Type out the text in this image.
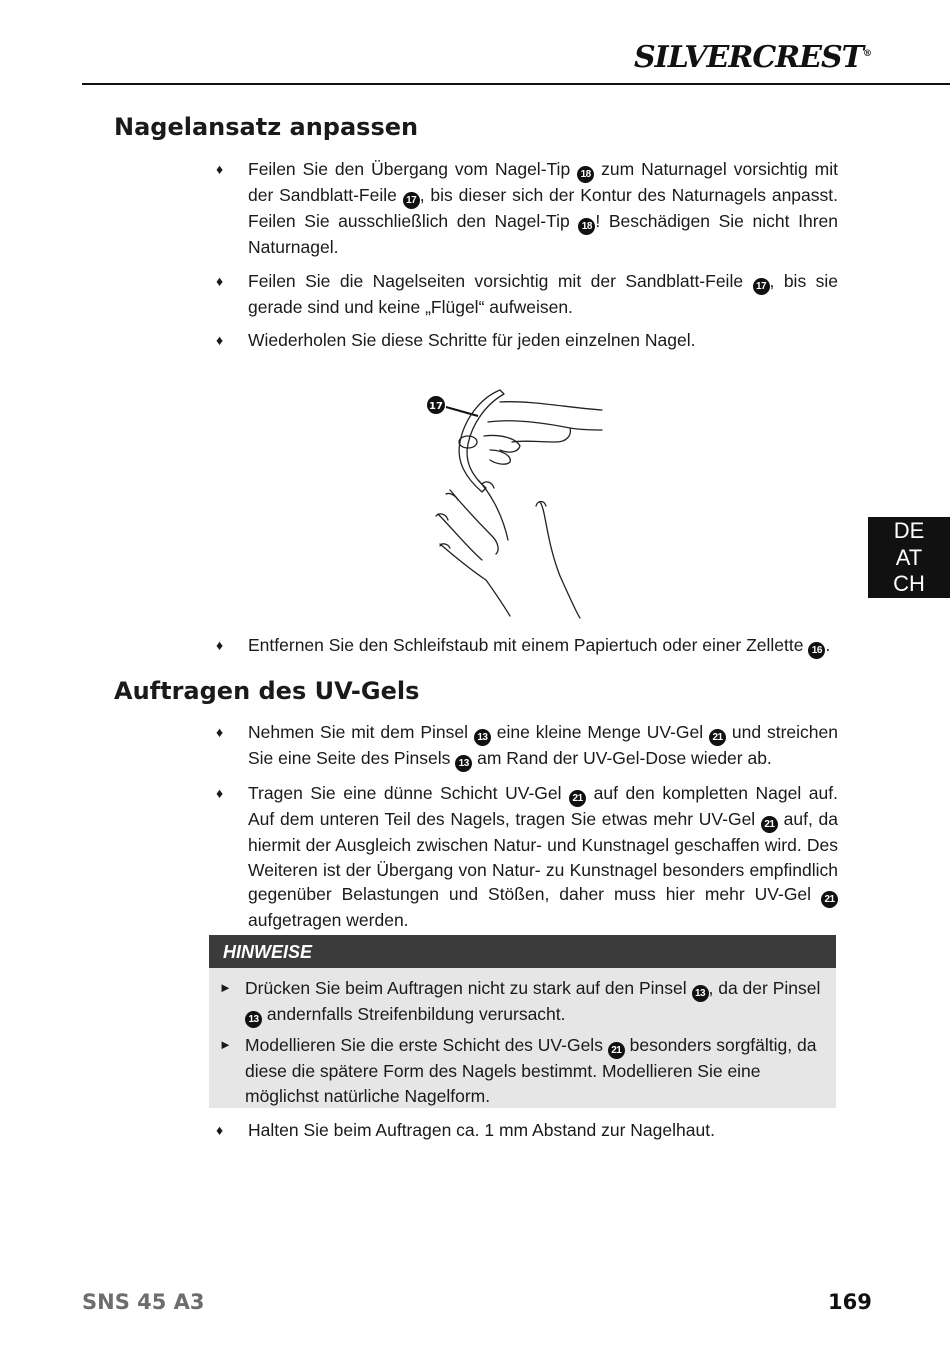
SILVERCREST®
Nagelansatz anpassen
♦	Feilen Sie den Übergang vom Nagel-Tip 18 zum Naturnagel vorsichtig mit der Sandblatt-Feile 17 , bis dieser sich der Kontur des Naturnagels anpasst. Feilen Sie ausschließlich den Nagel-Tip 18 ! Beschädigen Sie nicht Ihren Naturnagel.
♦	Feilen Sie die Nagelseiten vorsichtig mit der Sandblatt-Feile 17 , bis sie gerade sind und keine „Flügel“ aufweisen.
♦	Wiederholen Sie diese Schritte für jeden einzelnen Nagel.
17
♦	Entfernen Sie den Schleifstaub mit einem Papiertuch oder einer Zellette 16 .
DE
AT
CH
Auftragen des UV-Gels
♦	Nehmen Sie mit dem Pinsel 13 eine kleine Menge UV-Gel 21 und streichen Sie eine Seite des Pinsels 13 am Rand der UV-Gel-Dose wieder ab.
♦	Tragen Sie eine dünne Schicht UV-Gel 21 auf den kompletten Nagel auf. Auf dem unteren Teil des Nagels, tragen Sie etwas mehr UV-Gel 21 auf, da hiermit der Ausgleich zwischen Natur- und Kunstnagel geschaffen wird. Des Weiteren ist der Übergang von Natur- zu Kunstnagel besonders empfindlich gegenüber Belastungen und Stößen, daher muss hier mehr UV-Gel 21 aufgetragen werden.
HINWEISE
► Drücken Sie beim Auftragen nicht zu stark auf den Pinsel 13 , da der Pinsel 13 andernfalls Streifenbildung verursacht.
► Modellieren Sie die erste Schicht des UV-Gels 21 besonders sorgfältig, da diese die spätere Form des Nagels bestimmt. Modellieren Sie eine möglichst natürliche Nagelform.
♦	Halten Sie beim Auftragen ca. 1 mm Abstand zur Nagelhaut.
SNS 45 A3	169
